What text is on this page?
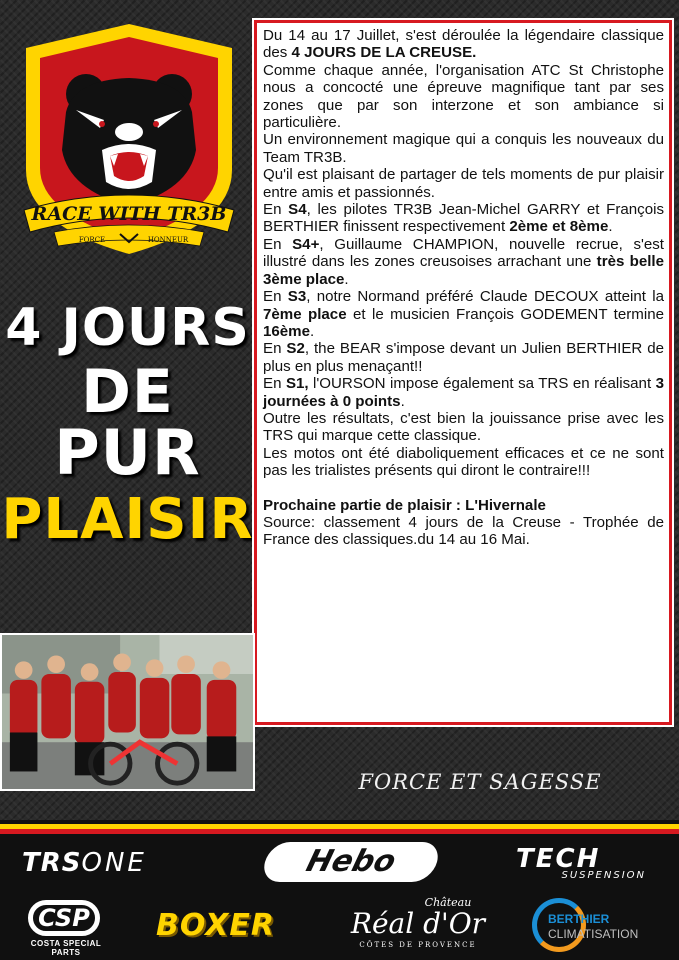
RACE WITH TR3B
FORCE	HONNEUR
4 JOURS
DE PUR
PLAISIR

Du 14 au 17 Juillet, s'est déroulée la légendaire classique des 4 JOURS DE LA CREUSE.

Comme chaque année, l'organisation ATC St Christophe nous a concocté une épreuve magnifique tant par ses zones que par son interzone et son ambiance si particulière.

Un environnement magique qui a conquis les nouveaux du Team TR3B.

Qu'il est plaisant de partager de tels moments de pur plaisir entre amis et passionnés.

En S4, les pilotes TR3B Jean-Michel GARRY et François BERTHIER finissent respectivement 2ème et 8ème.

En S4+, Guillaume CHAMPION, nouvelle recrue, s'est illustré dans les zones creusoises arrachant une très belle 3ème place.

En S3, notre Normand préféré Claude DECOUX atteint la 7ème place et le musicien François GODEMENT termine 16ème.

En S2, the BEAR s'impose devant un Julien BERTHIER de plus en plus menaçant!!

En S1, l'OURSON impose également sa TRS en réalisant 3 journées à 0 points.

Outre les résultats, c'est bien la jouissance prise avec les TRS qui marque cette classique.

Les motos ont été diaboliquement efficaces et ce ne sont pas les trialistes présents qui diront le contraire!!!

Prochaine partie de plaisir : L'Hivernale

Source: classement 4 jours de la Creuse - Trophée de France des classiques.du 14 au 16 Mai.

FORCE ET SAGESSE
TRSONE	Hebo	TECH
SUSPENSION
CSP
COSTA SPECIAL PARTS
BOXER
Château
Réal d'Or
CÔTES DE PROVENCE
BERTHIER
CLIMATISATION
